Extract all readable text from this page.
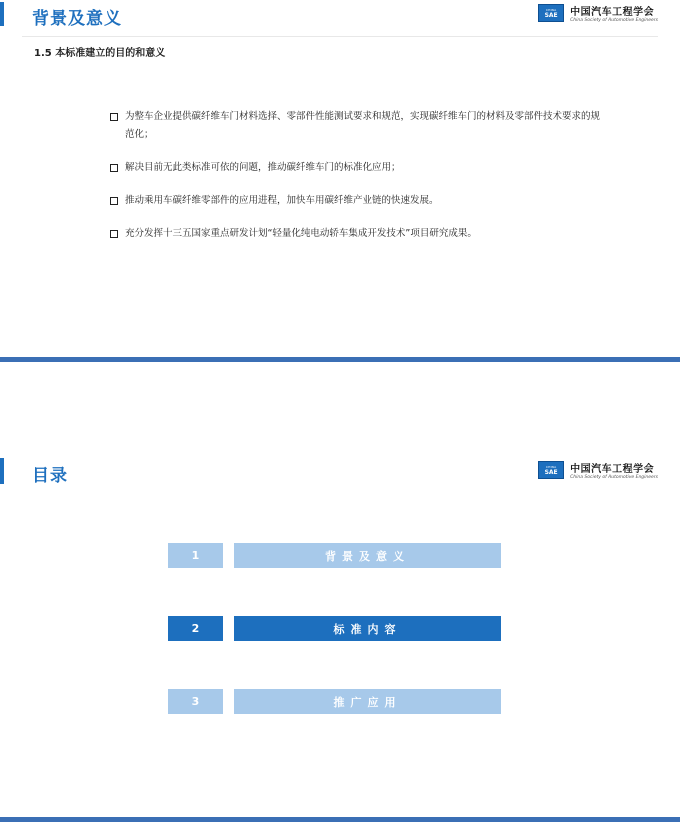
背景及意义	CHINA
SAE 中国汽车工程学会
China Society of Automotive Engineers
1.5 本标准建立的目的和意义
为整车企业提供碳纤维车门材料选择、零部件性能测试要求和规范，实现碳纤维车门的材料及零部件技术要求的规范化；
解决目前无此类标准可依的问题，推动碳纤维车门的标准化应用；
推动乘用车碳纤维零部件的应用进程，加快车用碳纤维产业链的快速发展。
充分发挥十三五国家重点研发计划“轻量化纯电动轿车集成开发技术”项目研究成果。
目录	CHINA
SAE 中国汽车工程学会
China Society of Automotive Engineers
1	背景及意义
2	标准内容
3	推广应用
